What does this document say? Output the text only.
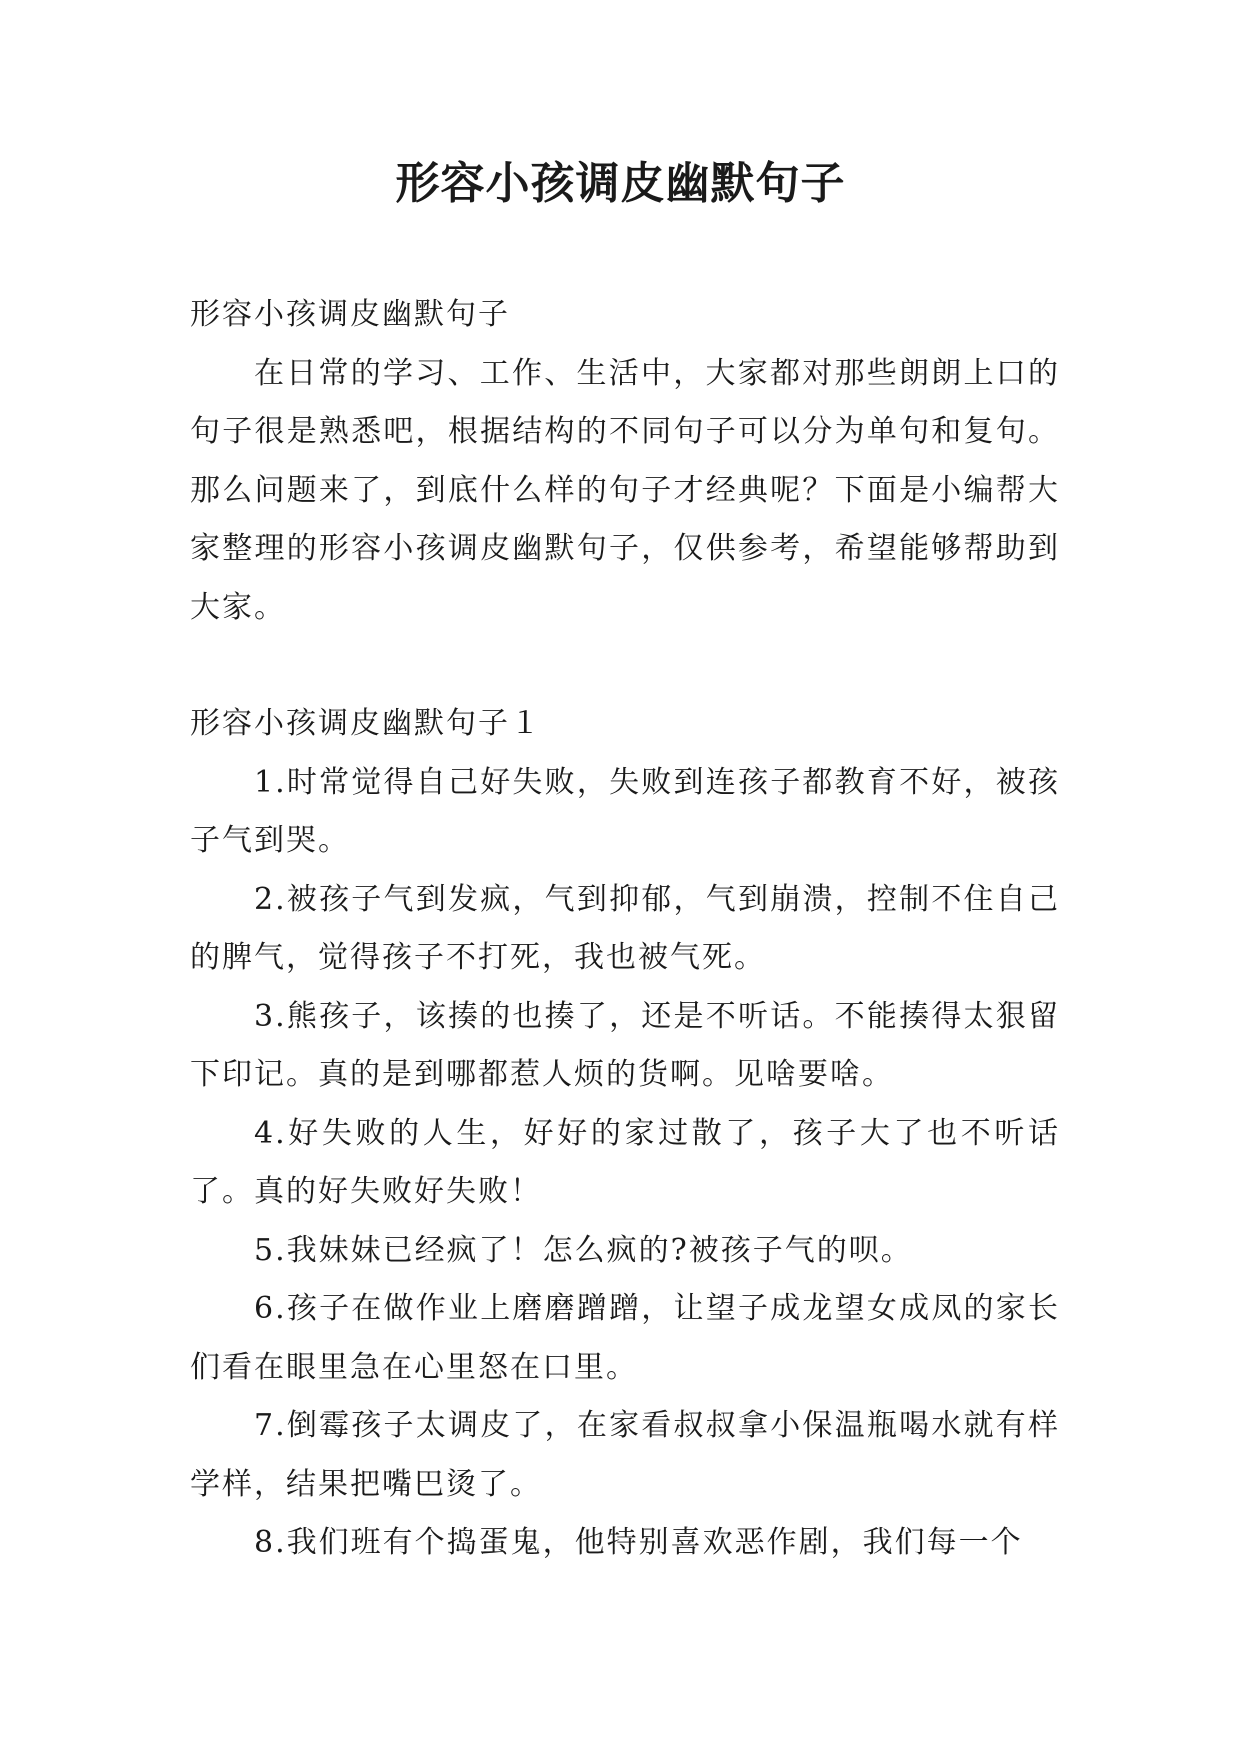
形容小孩调皮幽默句子

形容小孩调皮幽默句子

在日常的学习、工作、生活中，大家都对那些朗朗上口的句子很是熟悉吧，根据结构的不同句子可以分为单句和复句。那么问题来了，到底什么样的句子才经典呢？下面是小编帮大家整理的形容小孩调皮幽默句子，仅供参考，希望能够帮助到大家。

形容小孩调皮幽默句子１

1.时常觉得自己好失败，失败到连孩子都教育不好，被孩子气到哭。

2.被孩子气到发疯，气到抑郁，气到崩溃，控制不住自己的脾气，觉得孩子不打死，我也被气死。

3.熊孩子，该揍的也揍了，还是不听话。不能揍得太狠留下印记。真的是到哪都惹人烦的货啊。见啥要啥。

4.好失败的人生，好好的家过散了，孩子大了也不听话了。真的好失败好失败！

5.我妹妹已经疯了！怎么疯的?被孩子气的呗。

6.孩子在做作业上磨磨蹭蹭，让望子成龙望女成凤的家长们看在眼里急在心里怒在口里。

7.倒霉孩子太调皮了，在家看叔叔拿小保温瓶喝水就有样学样，结果把嘴巴烫了。

8.我们班有个捣蛋鬼，他特别喜欢恶作剧，我们每一个
